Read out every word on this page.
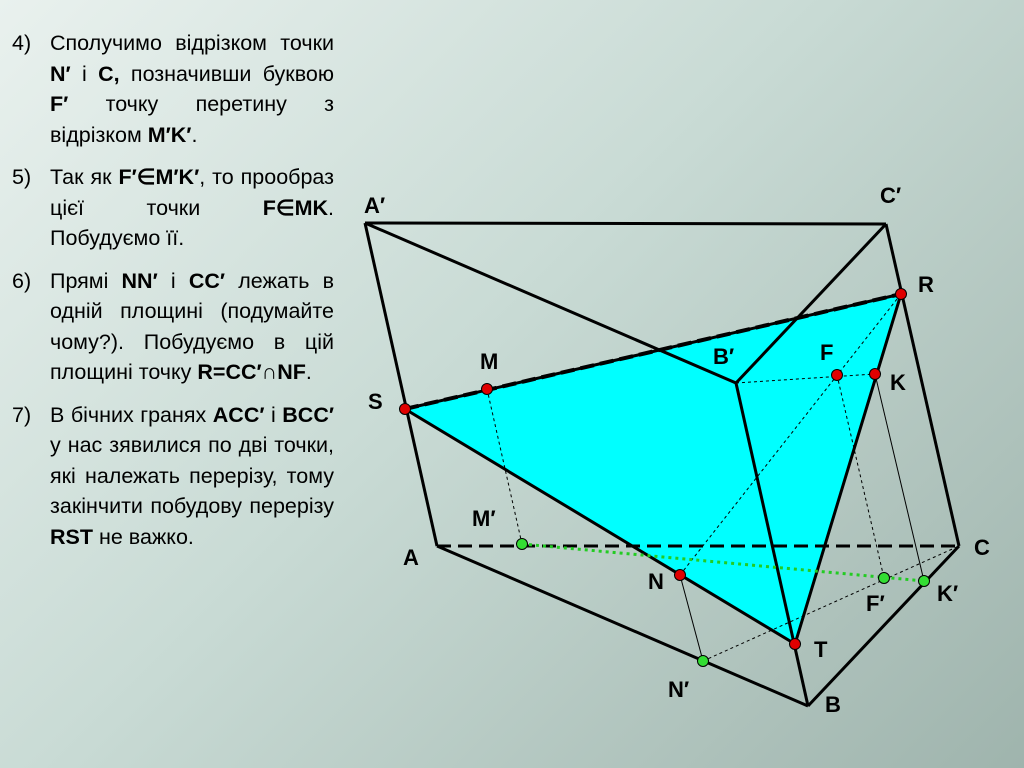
4) Сполучимо відрізком точки N′ і C, позначивши буквою F′ точку перетину з відрізком M′K′.
5) Так як F′∈M′K′, то прообраз цієї точки F∈MK. Побудуємо її.
6) Прямі NN′ і CC′ лежать в одній площині (подумайте чому?). Побудуємо в цій площині точку R=CC′∩NF.
7) В бічних гранях ACC′ і BCC′ у нас зявилися по дві точки, які належать перерізу, тому закінчити побудову перерізу RST не важко.
A′	C′
B′
R
S
M	F
K
M′
A	C
N
F′ K′
T
N′
B
